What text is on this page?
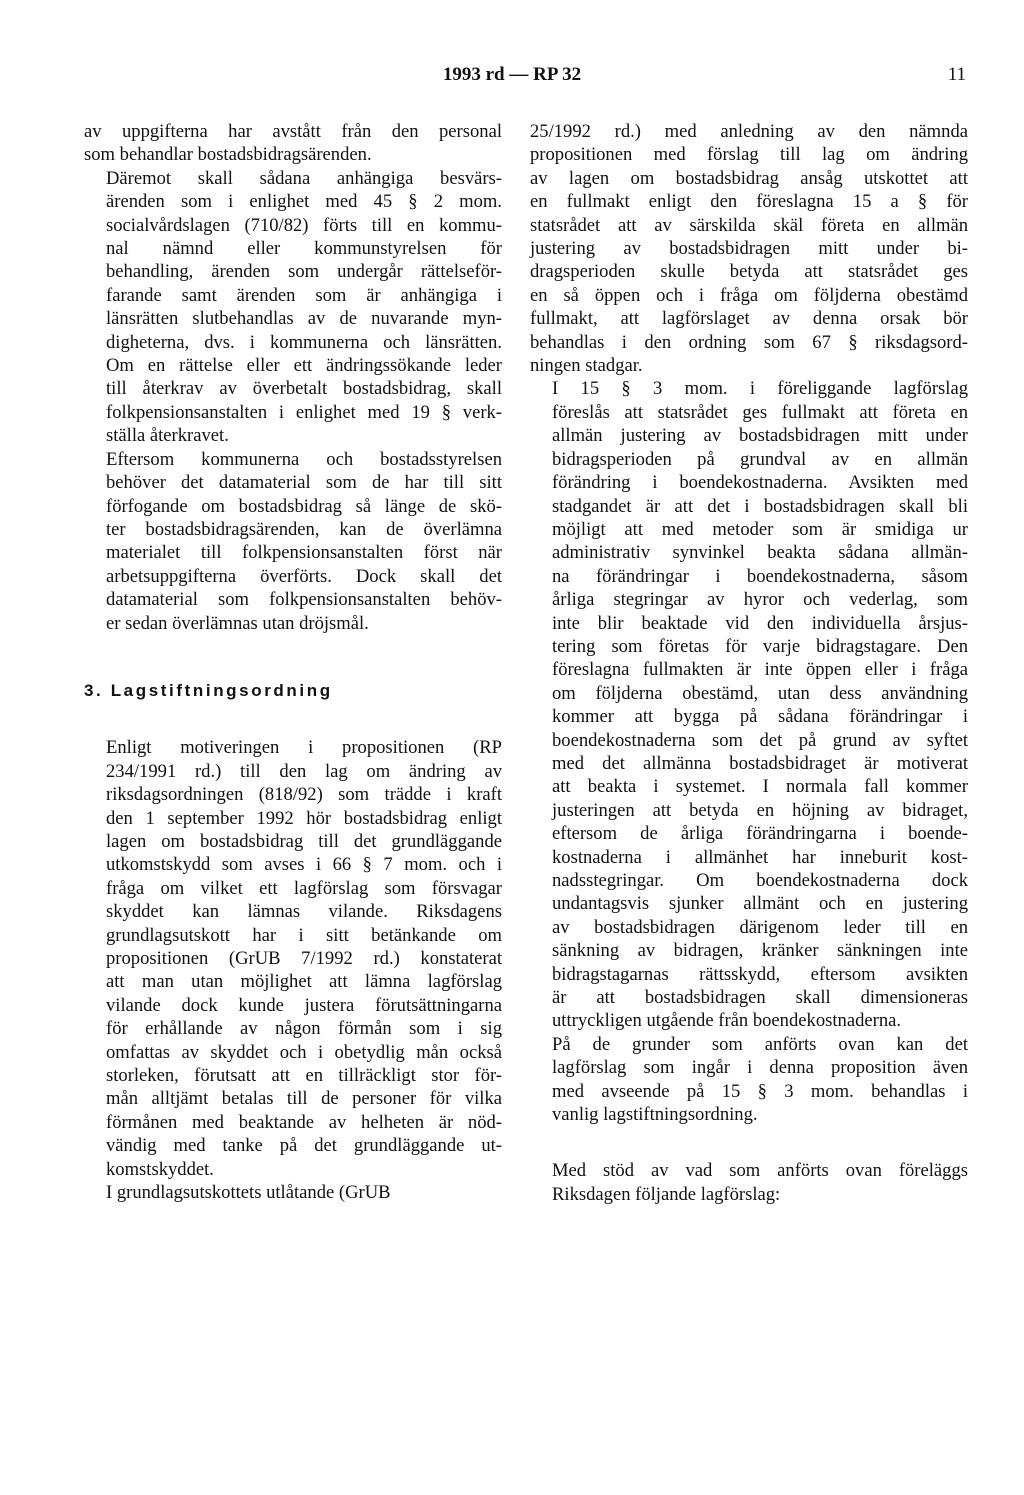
1993 rd — RP 32	11

av uppgifterna har avstått från den personal
som behandlar bostadsbidragsärenden.

Däremot skall sådana anhängiga besvärs-
ärenden som i enlighet med 45 § 2 mom.
socialvårdslagen (710/82) förts till en kommu-
nal nämnd eller kommunstyrelsen för
behandling, ärenden som undergår rättelseför-
farande samt ärenden som är anhängiga i
länsrätten slutbehandlas av de nuvarande myn-
digheterna, dvs. i kommunerna och länsrätten.
Om en rättelse eller ett ändringssökande leder
till återkrav av överbetalt bostadsbidrag, skall
folkpensionsanstalten i enlighet med 19 § verk-
ställa återkravet.

Eftersom kommunerna och bostadsstyrelsen
behöver det datamaterial som de har till sitt
förfogande om bostadsbidrag så länge de skö-
ter bostadsbidragsärenden, kan de överlämna
materialet till folkpensionsanstalten först när
arbetsuppgifterna överförts. Dock skall det
datamaterial som folkpensionsanstalten behöv-
er sedan överlämnas utan dröjsmål.

3. Lagstiftningsordning

Enligt motiveringen i propositionen (RP
234/1991 rd.) till den lag om ändring av
riksdagsordningen (818/92) som trädde i kraft
den 1 september 1992 hör bostadsbidrag enligt
lagen om bostadsbidrag till det grundläggande
utkomstskydd som avses i 66 § 7 mom. och i
fråga om vilket ett lagförslag som försvagar
skyddet kan lämnas vilande. Riksdagens
grundlagsutskott har i sitt betänkande om
propositionen (GrUB 7/1992 rd.) konstaterat
att man utan möjlighet att lämna lagförslag
vilande dock kunde justera förutsättningarna
för erhållande av någon förmån som i sig
omfattas av skyddet och i obetydlig mån också
storleken, förutsatt att en tillräckligt stor för-
mån alltjämt betalas till de personer för vilka
förmånen med beaktande av helheten är nöd-
vändig med tanke på det grundläggande ut-
komstskyddet.

I grundlagsutskottets utlåtande (GrUB

25/1992 rd.) med anledning av den nämnda
propositionen med förslag till lag om ändring
av lagen om bostadsbidrag ansåg utskottet att
en fullmakt enligt den föreslagna 15 a § för
statsrådet att av särskilda skäl företa en allmän
justering av bostadsbidragen mitt under bi-
dragsperioden skulle betyda att statsrådet ges
en så öppen och i fråga om följderna obestämd
fullmakt, att lagförslaget av denna orsak bör
behandlas i den ordning som 67 § riksdagsord-
ningen stadgar.

I 15 § 3 mom. i föreliggande lagförslag
föreslås att statsrådet ges fullmakt att företa en
allmän justering av bostadsbidragen mitt under
bidragsperioden på grundval av en allmän
förändring i boendekostnaderna. Avsikten med
stadgandet är att det i bostadsbidragen skall bli
möjligt att med metoder som är smidiga ur
administrativ synvinkel beakta sådana allmän-
na förändringar i boendekostnaderna, såsom
årliga stegringar av hyror och vederlag, som
inte blir beaktade vid den individuella årsjus-
tering som företas för varje bidragstagare. Den
föreslagna fullmakten är inte öppen eller i fråga
om följderna obestämd, utan dess användning
kommer att bygga på sådana förändringar i
boendekostnaderna som det på grund av syftet
med det allmänna bostadsbidraget är motiverat
att beakta i systemet. I normala fall kommer
justeringen att betyda en höjning av bidraget,
eftersom de årliga förändringarna i boende-
kostnaderna i allmänhet har inneburit kost-
nadsstegringar. Om boendekostnaderna dock
undantagsvis sjunker allmänt och en justering
av bostadsbidragen därigenom leder till en
sänkning av bidragen, kränker sänkningen inte
bidragstagarnas rättsskydd, eftersom avsikten
är att bostadsbidragen skall dimensioneras
uttryckligen utgående från boendekostnaderna.

På de grunder som anförts ovan kan det
lagförslag som ingår i denna proposition även
med avseende på 15 § 3 mom. behandlas i
vanlig lagstiftningsordning.

Med stöd av vad som anförts ovan föreläggs
Riksdagen följande lagförslag:
